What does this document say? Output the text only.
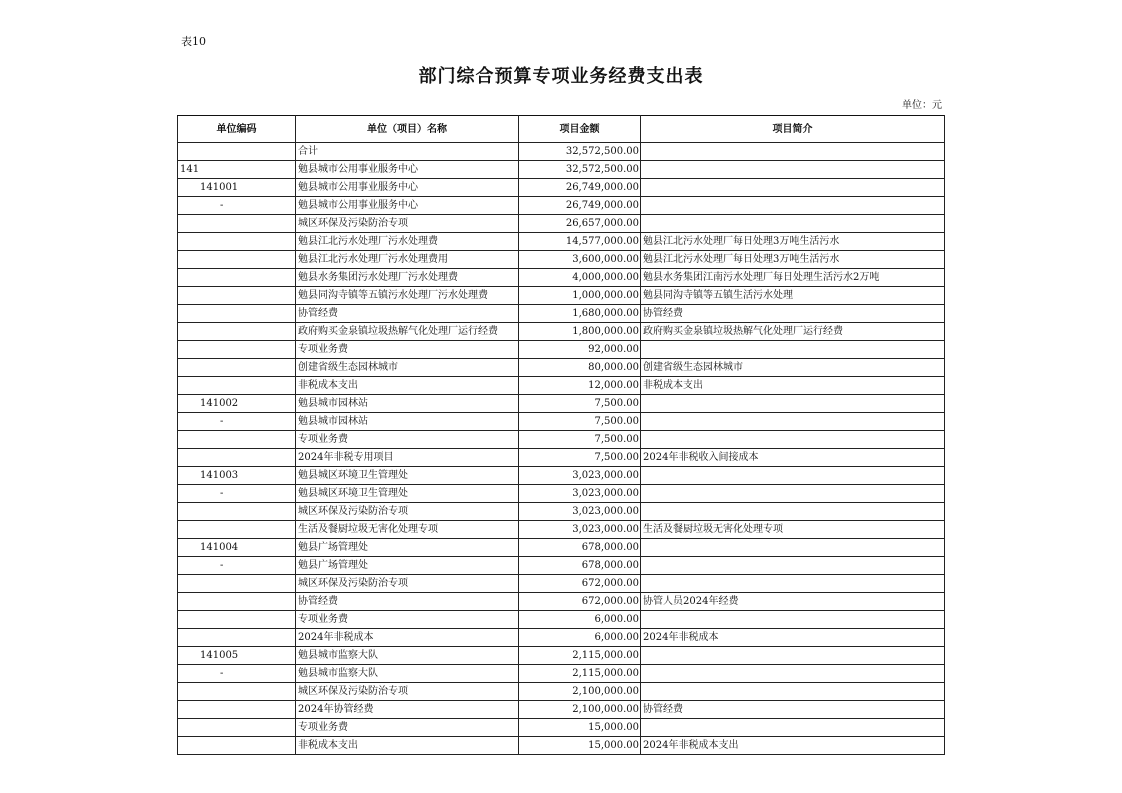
表10
部门综合预算专项业务经费支出表
单位：元
单位编码	单位（项目）名称	项目金额	项目简介
	合计	32,572,500.00	
141	勉县城市公用事业服务中心	32,572,500.00	
141001	勉县城市公用事业服务中心	26,749,000.00	
-	勉县城市公用事业服务中心	26,749,000.00	
	城区环保及污染防治专项	26,657,000.00	
	勉县江北污水处理厂污水处理费	14,577,000.00	勉县江北污水处理厂每日处理3万吨生活污水
	勉县江北污水处理厂污水处理费用	3,600,000.00	勉县江北污水处理厂每日处理3万吨生活污水
	勉县水务集团污水处理厂污水处理费	4,000,000.00	勉县水务集团江南污水处理厂每日处理生活污水2万吨
	勉县同沟寺镇等五镇污水处理厂污水处理费	1,000,000.00	勉县同沟寺镇等五镇生活污水处理
	协管经费	1,680,000.00	协管经费
	政府购买金泉镇垃圾热解气化处理厂运行经费	1,800,000.00	政府购买金泉镇垃圾热解气化处理厂运行经费
	专项业务费	92,000.00	
	创建省级生态园林城市	80,000.00	创建省级生态园林城市
	非税成本支出	12,000.00	非税成本支出
141002	勉县城市园林站	7,500.00	
-	勉县城市园林站	7,500.00	
	专项业务费	7,500.00	
	2024年非税专用项目	7,500.00	2024年非税收入间接成本
141003	勉县城区环境卫生管理处	3,023,000.00	
-	勉县城区环境卫生管理处	3,023,000.00	
	城区环保及污染防治专项	3,023,000.00	
	生活及餐厨垃圾无害化处理专项	3,023,000.00	生活及餐厨垃圾无害化处理专项
141004	勉县广场管理处	678,000.00	
-	勉县广场管理处	678,000.00	
	城区环保及污染防治专项	672,000.00	
	协管经费	672,000.00	协管人员2024年经费
	专项业务费	6,000.00	
	2024年非税成本	6,000.00	2024年非税成本
141005	勉县城市监察大队	2,115,000.00	
-	勉县城市监察大队	2,115,000.00	
	城区环保及污染防治专项	2,100,000.00	
	2024年协管经费	2,100,000.00	协管经费
	专项业务费	15,000.00	
	非税成本支出	15,000.00	2024年非税成本支出
